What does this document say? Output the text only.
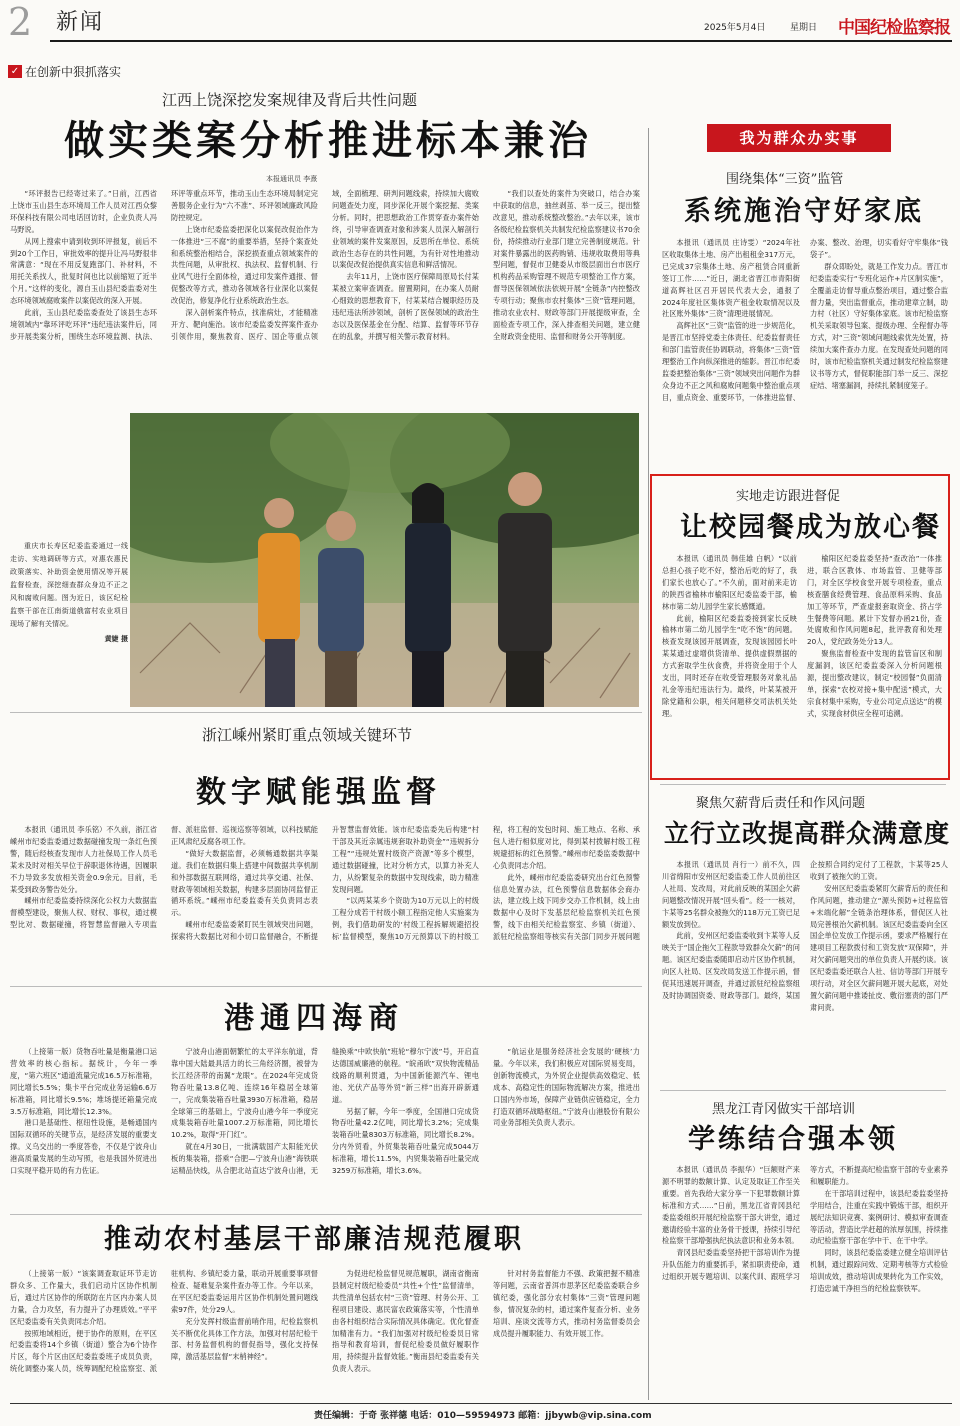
2 新闻	2025年5月4日	星期日 中国纪检监察报
✓ 在创新中狠抓落实
江西上饶深挖发案规律及背后共性问题
做实类案分析推进标本兼治
本报通讯员 李熹

“环评报告已经寄过来了。”日前，江西省上饶市玉山县生态环境局工作人员对江西众黎环保科技有限公司电话回访时，企业负责人冯马野说。

从网上搜索中请到收到环评报复，前后不到20个工作日，审批效率的提升让冯马野很非常满意：“现在不用反复跑部门、补材料，不用托关系找人，批复时间也比以前缩短了近半个月。”这样的变化，源自玉山县纪委监委对生态环境领域腐败案件以案促改的深入开展。

此前，玉山县纪委监委查处了该县生态环境领域内“靠环评吃环评”违纪违法案件后，同步开展类案分析，围绕生态环境监测、执法、环评等重点环节，推动玉山生态环境局制定完善服务企业行为“六不准”、环评领域廉政风险防控规定。

上饶市纪委监委把深化以案促改促治作为一体推进“三不腐”的重要举措，坚持个案查处和系统整治相结合，深挖损查重点领域案件的共性问题，从审批权、执法权、监督机制、行业风气进行全面体检，通过印发案件通报、督促整改等方式，推动各领域各行业深化以案促改促治，修复净化行业系统政治生态。

深入剖析案件特点，找准病灶，才能精准开方、靶向施治。该市纪委监委发挥案件查办引领作用，聚焦教育、医疗、国企等重点领域，全面梳理、研判问题线索，持续加大腐败问题查处力度，同步深化开展个案挖掘、类案分析。同时，把思想政治工作贯穿查办案件始终，引导审查调查对象和涉案人员深入解剖行业领域的案件发案原因，反思所在单位、系统政治生态存在的共性问题，为有针对性地推动以案促改促治提供真实信息和鲜活情况。

去年11月，上饶市医疗保障局原局长付某某被立案审查调查。留置期间，在办案人员耐心细致的思想教育下，付某某结合履职经历及违纪违法所涉领域，剖析了医保领域的政治生态以及医保基金在分配、结算、监督等环节存在的乱象，并撰写相关警示教育材料。

“我们以查处的案件为突破口，结合办案中获取的信息，抽丝剥茧、举一反三，提出整改意见，推动系统整改整治。”去年以来，该市各级纪检监察机关共制发纪检监察建议书70余份，持续推动行业部门建立完善制度规范。针对案件暴露出的医药购销、违规收取费用等典型问题，督促市卫健委从市级层面出台市医疗机构药品采购管理不规范专项整治工作方案，督导医保领域依法依规开展“全链条”内控整改专项行动；聚焦市农村集体“三资”管理问题，推动农业农村、财政等部门开展提级审查，全面检查专项工作，深入排查相关问题，建立健全财政资金使用、监督和财务公开等制度。

重庆市长寿区纪委监委通过一线走访、实地调研等方式，对惠农惠民政策落实、补助资金使用情况等开展监督检查，深挖细查群众身边不正之风和腐败问题。图为近日，该区纪检监察干部在江南街道俄富村农业项目现场了解有关情况。

黄婕 摄

浙江嵊州紧盯重点领域关键环节
数字赋能强监督

本报讯（通讯员 李乐铭）不久前，浙江省嵊州市纪委监委通过数据碰撞发现一条红色预警，随后经核查发现市人力社保局工作人员毛某未及时对相关早位于辞职退休待遇，因履职不力导致多发放相关资金0.9余元。目前，毛某受到政务警告处分。

嵊州市纪委监委持续深化公权力大数据监督模型建设，聚焦人权、财权、事权，通过模型比对、数据碰撞，将智慧监督融入专项监督、派驻监督、巡视巡察等领域，以科技赋能正风肃纪反腐各项工作。

“做好大数据监督，必须畅通数据共享渠道。我们在数据归集上搭建中间数据共享机制和外部数据互联网络，通过共享交通、社保、财政等领域相关数据，构建多层面协同监督正循环系统。”嵊州市纪委监委有关负责同志表示。

嵊州市纪委监委紧盯民生领域突出问题，探索将大数据比对和小切口监督融合，不断提升智慧监督效能。该市纪委监委先后构建“村干部及其近亲属违规套取补助资金”“违规拆分工程”“违规处置村级资产资源”等多个模型，通过数据碰撞，比对分析方式，以算力补充人力，从纷繁复杂的数据中发现线索，助力精准发现问题。

“以两某某乡个资助为10万元以上的村级工程分成若干村级小额工程指定他人实施案为例，我们借助研发的‘村级工程拆解规避招投标’监督模型，聚焦10万元预算以下的村级工程，将工程的发包时间、施工地点、名称、承包人进行相似度对比，得到某村拨解村级工程规避招标的红色预警。”嵊州市纪委监委数据中心负责同志介绍。

此外，嵊州市纪委监委研究出台红色预警信息处置办法，红色预警信息数据体会商办法，建立线上线下同步交办工作机制，线上由数据中心及时下发基层纪检监察机关红色预警，线下由相关纪检监察室、乡镇（街道）、派驻纪检监察组等核实有关部门同步开展问题

港通四海商

（上接第一版）货物吞吐量是衡量港口运营效率的核心指标。据统计，今年一季度，“第六班区”通道流量完成16.5万标准箱，同比增长5.5%；集卡平台完成业务运输6.6万标准箱，同比增长9.5%；堆场提还箱量完成3.5万标准箱，同比增长12.3%。

港口是基础性、枢纽性设施，是畅通国内国际双循环的关键节点，是经济发展的重要支撑。义乌交出的一季度答卷，不仅是宁波舟山港高质量发展的生动写照，也是我国外贸进出口实现平稳开局的有力佐证。

宁波舟山港面朝繁忙的太平洋东航道，背靠中国大陆最具活力的长三角经济圈，被誉为长江经济带的南翼“龙眼”。在2024年完成货物吞吐量13.8亿吨、连续16年稳居全球第一，完成集装箱吞吐量3930万标准箱，稳居全球第三的基础上，宁波舟山港今年一季度完成集装箱吞吐量1007.2万标准箱，同比增长10.2%，取得“开门红”。

就在4月30日，一批满载国产太阳能光伏板的集装箱，搭乘“合肥—宁波舟山港”海铁联运精品快线，从合肥北站直达宁波舟山港，无缝换乘“中欧快航”班轮“穆尔宁波”号，开启直达德国威廉港的航程。“皖甬欧”双快物流精品线路的顺利贯通，为中国新能源汽车、锂电池、光伏产品等外贸“新三样”出海开辟新通道。

另据了解，今年一季度，全国港口完成货物吞吐量42.2亿吨，同比增长3.2%；完成集装箱吞吐量8303万标准箱，同比增长8.2%。分内外贸看，外贸集装箱吞吐量完成5044万标准箱，增长11.5%，内贸集装箱吞吐量完成3259万标准箱，增长3.6%。

“航运业是服务经济社会发展的‘硬核’力量。今年以来，我们积极应对国际贸易变局，创新物流模式，为外贸企业提供高效稳定、低成本、高稳定性的国际物流解决方案，推进出口国内外市场，保障产业链供应链稳定，全力打造双循环战略枢纽。”宁波舟山港股份有限公司业务部相关负责人表示。

推动农村基层干部廉洁规范履职

（上接第一版）“该案调查取证环节走访群众多、工作量大，我们启动片区协作机制后，通过片区协作的所联防在片区内办案人员力量，合力攻坚，有力提升了办理质效。”平平区纪委监委有关负责同志介绍。

按照地域相近，便于协作的原则，在平区纪委监委将14个乡镇（街道）整合为6个协作片区，每个片区由区纪委监委班子成员负责，统化调整办案人员，统筹调配纪检监察室、派驻机构、乡镇纪委力量，联动开展重要事项督检查、疑难复杂案件查办等工作。今年以来，在平区纪委监委运用片区协作机制处置问题线索97件，处分29人。

充分发挥村级监督前哨作用，纪检监察机关不断优化具体工作方法，加强对村居纪检干部、村务监督机构的督促指导，强化支持保障，激活基层监督“末梢神经”。

为促进纪检监督见规范履职，湖南省衡南县制定村级纪检委员“共性+个性”监督清单，共性清单包括农村“三资”管理、村务公开、工程项目建设、惠民富农政策落实等，个性清单由各村组织结合实际情况具体确定。优化督查加精准有力。“我们加强对村级纪检委员日常指导和教育培训，督促纪检委员做好履职作用，持续提升监督效能。”衡南县纪委监委有关负责人表示。

针对村务监督能力不强、政策把握不精准等问题，云南省普洱市思茅区纪委监委联合乡镇纪委，强化部分农村集体“三资”管理问题参，情况复杂的村，通过案件复查分析、业务培训、座谈交流等方式，推动村务监督委员会成员提升履职能力、有效开展工作。

我为群众办实事
围绕集体“三资”监管
系统施治守好家底

本报讯（通讯员 庄诗雯）“2024年社区收取集体土地、房产出租租金317万元，已完成37宗集体土地、房产租赁合同重新签订工作……”近日，湖北省晋江市青阳街道高辉社区召开居民代表大会，通报了2024年度社区集体资产租金收取情况以及社区账外集体“三资”清理进展情况。

高辉社区“三资”监管的进一步规范化，是晋江市坚持党委主体责任、纪委监督责任和部门监管责任协调联动，将集体“三资”管理整治工作向纵深推进的缩影。晋江市纪委监委把整治集体“三资”领域突出问题作为群众身边不正之风和腐败问题集中整治重点项目，重点资金、重要环节，一体推进监督、办案、整改、治理，切实看好守牢集体“钱袋子”。

群众即盼处，就是工作发力点。晋江市纪委监委实行“专班化运作+片区制实施”，全覆盖走访督导重点整治项目，通过整合监督力量，突出监督重点，推动建章立制，助力村（社区）守好集体家底。该市纪检监察机关采取领导包案、提级办理、全程督办等方式，对“三资”领域问题线索优先处置，持续加大案件查办力度。在发现查处问题的同时，该市纪检监察机关通过制发纪检监察建议书等方式，督促职能部门举一反三、深挖症结、堵塞漏洞，持续扎紧制度笼子。

实地走访跟进督促
让校园餐成为放心餐

本报讯（通讯员 韩佳雄 白帆）“以前总担心孩子吃不好，整治后吃的好了，我们家长也放心了。”不久前，面对前来走访的陕西省榆林市榆阳区纪委监委干部，榆林市第二幼儿园学生家长感慨道。

此前，榆阳区纪委监委接到家长反映榆林市第二幼儿园学生“吃不饱”的问题。核查发现该园开展调查，发现该园园长叶某某通过虚增供货清单、提供虚假票据的方式套取学生伙食费，并将资金用于个人支出，同时还存在收受管理服务对象礼品礼金等违纪违法行为。最终，叶某某被开除党籍和公职，相关问题移交司法机关处理。

榆阳区纪委监委坚持“查改治”一体推进，联合区教体、市场监管、卫健等部门，对全区学校食堂开展专项检查，重点核查膳食经费管理、食品原料采购、食品加工等环节，严查虚报套取资金、挤占学生餐费等问题。累计下发督办函21份，查处腐败和作风问题8起，批评教育和处理20人，党纪政务处分13人。

聚焦监督检查中发现的监管盲区和制度漏洞，该区纪委监委深入分析问题根源，提出整改建议，制定“校园餐”负面清单，探索“农校对接+集中配送”模式，大宗食材集中采购，专业公司定点送达”的模式，实现食材供应全程可追溯。

聚焦欠薪背后责任和作风问题
立行立改提高群众满意度

本报讯（通讯员 肖行一）前不久，四川省绵阳市安州区纪委监委工作人员前往区人社局、发改局，对此前反映的某国企欠薪问题整改情况开展“回头看”。经一一核对，卞某等25名群众被拖欠的118万元工资已足额发放到位。

此前，安州区纪委监委收到卞某等人反映关于“国企拖欠工程款导致群众欠薪”的问题。该区纪委监委随即启动片区协作机制，向区人社局、区发改局发送工作提示函，督促其迅速展开调查，并通过派驻纪检监察组及时协调国资委、财政等部门。最终，某国企按照合同约定付了工程款，卞某等25人收到了被拖欠的工资。

安州区纪委监委紧盯欠薪背后的责任和作风问题，推动建立“源头预防+过程监管+末端化解”全链条治理体系，督促区人社局完善根治欠薪机制。该区纪委监委向全区国企单位发放工作提示函，要求严格履行在建项目工程款拨付和工资发放“双保障”，并对欠薪问题突出的单位负责人开展约谈。该区纪委监委还联合人社、信访等部门开展专项行动，对全区欠薪问题开展大起底，对处置欠薪问题中推诿扯皮、敷衍塞责的部门严肃问责。

黑龙江青冈做实干部培训
学练结合强本领

本报讯（通讯员 李振华）“巨额财产来源不明罪的数额计算、认定及取证工作至关重要。首先我给大家分享一下犯罪数额计算标准和方式……”日前，黑龙江省青冈县纪委监委组织开展纪检监察干部大讲堂，通过邀请经验丰富的业务骨干授课，持续引导纪检监察干部增强执纪执法意识和业务本领。

青冈县纪委监委坚持把干部培训作为提升队伍能力的重要抓手，紧扣职责使命，通过组织开展专题培训、以案代训、跟班学习等方式，不断提高纪检监察干部的专业素养和履职能力。

在干部培训过程中，该县纪委监委坚持学用结合，注重在实践中锻炼干部，组织开展纪法知识竞赛、案例研讨、模拟审查调查等活动，营造比学赶超的浓厚氛围，持续推动纪检监察干部在学中干、在干中学。

同时，该县纪委监委建立健全培训评估机制，通过跟踪问效、定期考核等方式检验培训成效，推动培训成果转化为工作实效，打造忠诚干净担当的纪检监察铁军。

责任编辑：于奇 张祥德 电话：010—59594973 邮箱：jjbywb@vip.sina.com
